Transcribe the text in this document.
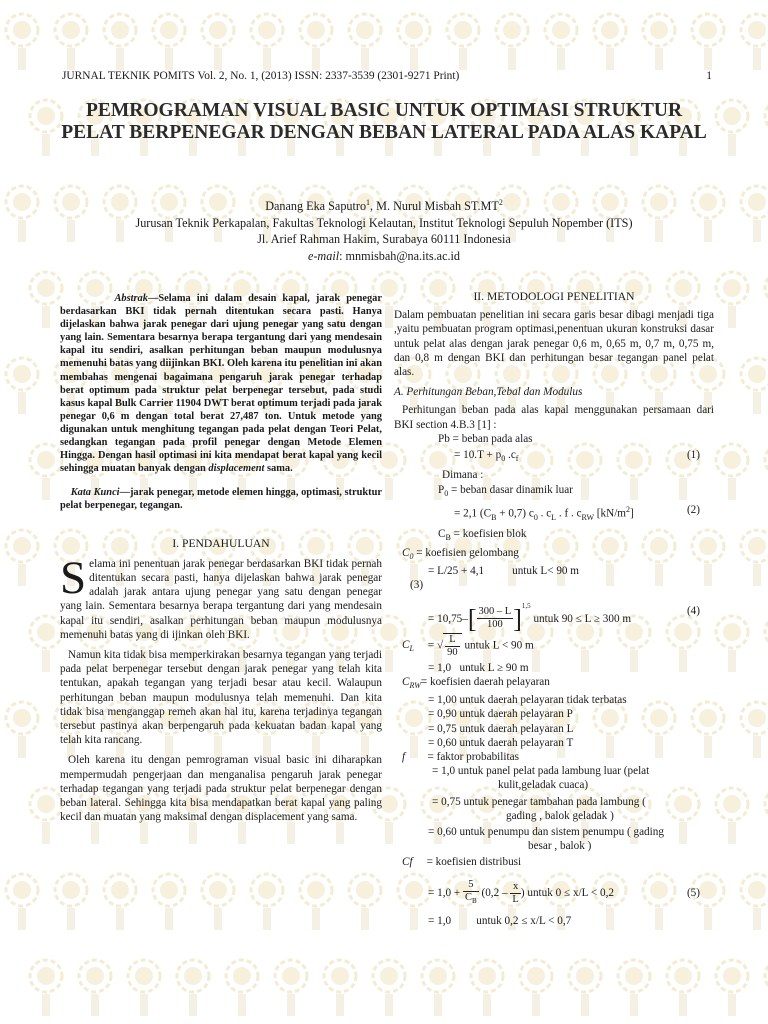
JURNAL TEKNIK POMITS Vol. 2, No. 1, (2013) ISSN: 2337-3539 (2301-9271 Print)	1
PEMROGRAMAN VISUAL BASIC UNTUK OPTIMASI STRUKTUR PELAT BERPENEGAR DENGAN BEBAN LATERAL PADA ALAS KAPAL
Danang Eka Saputro$^1$, M. Nurul Misbah $ST.MT^2$
Jurusan Teknik Perkapalan, Fakultas Teknologi Kelautan, Institut Teknologi Sepuluh Nopember (ITS)
Jl. Arief Rahman Hakim, Surabaya 60111 Indonesia
e-mail: mnmisbah@na.its.ac.id
Abstrak—Selama ini dalam desain kapal, jarak penegar berdasarkan BKI tidak pernah ditentukan secara pasti. Hanya dijelaskan bahwa jarak penegar dari ujung penegar yang satu dengan yang lain. Sementara besarnya berapa tergantung dari yang mendesain kapal itu sendiri, asalkan perhitungan beban maupun modulusnya memenuhi batas yang diijinkan BKI. Oleh karena itu penelitian ini akan membahas mengenai bagaimana pengaruh jarak penegar terhadap berat optimum pada struktur pelat berpenegar tersebut, pada studi kasus kapal Bulk Carrier 11904 DWT berat optimum terjadi pada jarak penegar 0,6 m dengan total berat 27,487 ton. Untuk metode yang digunakan untuk menghitung tegangan pada pelat dengan Teori Pelat, sedangkan tegangan pada profil penegar dengan Metode Elemen Hingga. Dengan hasil optimasi ini kita mendapat berat kapal yang kecil sehingga muatan banyak dengan displacement sama.
Kata Kunci—jarak penegar, metode elemen hingga, optimasi, struktur pelat berpenegar, tegangan.
I. PENDAHULUAN
Selama ini penentuan jarak penegar berdasarkan BKI tidak pernah ditentukan secara pasti, hanya dijelaskan bahwa jarak penegar adalah jarak antara ujung penegar yang satu dengan penegar yang lain. Sementara besarnya berapa tergantung dari yang mendesain kapal itu sendiri, asalkan perhitungan beban maupun modulusnya memenuhi batas yang di ijinkan oleh BKI.
Namun kita tidak bisa memperkirakan besarnya tegangan yang terjadi pada pelat berpenegar tersebut dengan jarak penegar yang telah kita tentukan, apakah tegangan yang terjadi besar atau kecil. Walaupun perhitungan beban maupun modulusnya telah memenuhi. Dan kita tidak bisa menganggap remeh akan hal itu, karena terjadinya tegangan tersebut pastinya akan berpengaruh pada kekuatan badan kapal yang telah kita rancang.
Oleh karena itu dengan pemrograman visual basic ini diharapkan mempermudah pengerjaan dan menganalisa pengaruh jarak penegar terhadap tegangan yang terjadi pada struktur pelat berpenegar dengan beban lateral. Sehingga kita bisa mendapatkan berat kapal yang paling kecil dan muatan yang maksimal dengan displacement yang sama.
II. METODOLOGI PENELITIAN
Dalam pembuatan penelitian ini secara garis besar dibagi menjadi tiga ,yaitu pembuatan program optimasi,penentuan ukuran konstruksi dasar untuk pelat alas dengan jarak penegar 0,6 m, 0,65 m, 0,7 m, 0,75 m, dan 0,8 m dengan BKI dan perhitungan besar tegangan panel pelat alas.
A. Perhitungan Beban,Tebal dan Modulus
Perhitungan beban pada alas kapal menggunakan persamaan dari BKI section 4.B.3 [1] :
Pb = beban pada alas
= $10.T + p_0$ $.c_f$	(1)
Dimana :
$P_0$ = beban dasar dinamik luar
= 2,1 $(C_B + 0,7)$ $c_0$ . $c_L$ . f . $c_{RW}$ $[kN/m^2]$	(2)
$C_B$ = koefisien blok
$C_0$ = koefisien gelombang
= L/25 + 4,1 untuk L< 90 m
(3)
= $10,75-[ \frac{300 - L}{100} ]^{1,5}$ untuk 90 ≤ L ≥ 300 m
(4)
$C_L$     = √ $\frac{L}{90}$ untuk L < 90 m
= 1,0 untuk L ≥ 90 m
$C_{RW}=$ koefisien daerah pelayaran
= 1,00 untuk daerah pelayaran tidak terbatas
= 0,90 untuk daerah pelayaran P
= 0,75 untuk daerah pelayaran L
= 0,60 untuk daerah pelayaran T
f = faktor probabilitas
= 1,0 untuk panel pelat pada lambung luar (pelat
kulit,geladak cuaca)
= 0,75 untuk penegar tambahan pada lambung (
gading , balok geladak )
= 0,60 untuk penumpu dan sistem penumpu ( gading
besar , balok )
Cf = koefisien distribusi
= $1,0 + \frac{5}{C_B} (0,2 - \frac{x}{L}$ ) untuk 0 ≤ x/L < 0,2	(5)
= 1,0 untuk 0,2 ≤ x/L < 0,7
